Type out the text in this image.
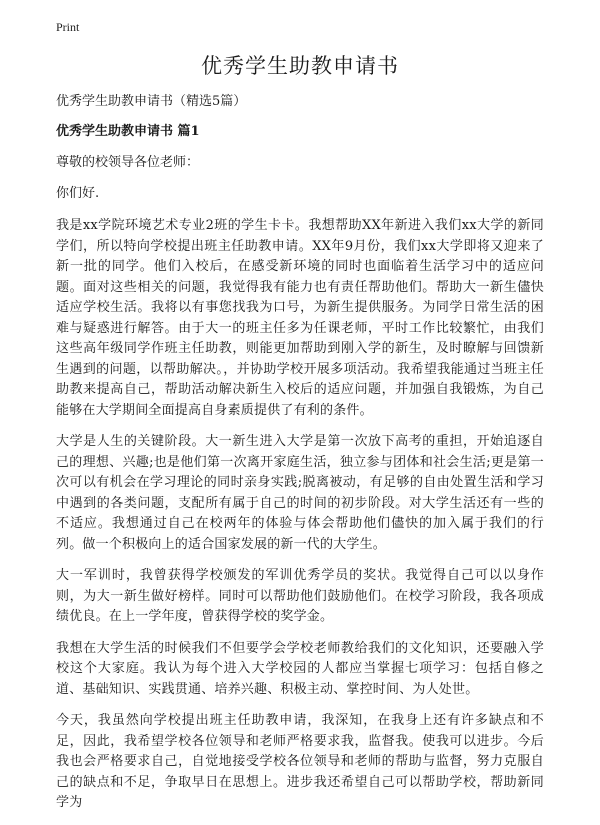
Print
优秀学生助教申请书

优秀学生助教申请书（精选5篇）

优秀学生助教申请书 篇1

尊敬的校领导各位老师：

你们好.

我是xx学院环境艺术专业2班的学生卡卡。我想帮助XX年新进入我们xx大学的新同学们，所以特向学校提出班主任助教申请。XX年9月份，我们xx大学即将又迎来了新一批的同学。他们入校后，在感受新环境的同时也面临着生活学习中的适应问题。面对这些相关的问题，我觉得我有能力也有责任帮助他们。帮助大一新生儘快适应学校生活。我将以有事您找我为口号，为新生提供服务。为同学日常生活的困难与疑惑进行解答。由于大一的班主任多为任课老师，平时工作比较繁忙，由我们这些高年级同学作班主任助教，则能更加帮助到刚入学的新生，及时瞭解与回馈新生遇到的问题，以帮助解决。，并协助学校开展多项活动。我希望我能通过当班主任助教来提高自己，帮助活动解决新生入校后的适应问题，并加强自我锻炼，为自己能够在大学期间全面提高自身素质提供了有利的条件。

大学是人生的关键阶段。大一新生进入大学是第一次放下高考的重担，开始追逐自己的理想、兴趣;也是他们第一次离开家庭生活，独立参与团体和社会生活;更是第一次可以有机会在学习理论的同时亲身实践;脱离被动，有足够的自由处置生活和学习中遇到的各类问题，支配所有属于自己的时间的初步阶段。对大学生活还有一些的不适应。我想通过自己在校两年的体验与体会帮助他们儘快的加入属于我们的行列。做一个积极向上的适合国家发展的新一代的大学生。

大一军训时，我曾获得学校颁发的军训优秀学员的奖状。我觉得自己可以以身作则，为大一新生做好榜样。同时可以帮助他们鼓励他们。在校学习阶段，我各项成绩优良。在上一学年度，曾获得学校的奖学金。

我想在大学生活的时候我们不但要学会学校老师教给我们的文化知识，还要融入学校这个大家庭。我认为每个进入大学校园的人都应当掌握七项学习：包括自修之道、基础知识、实践贯通、培养兴趣、积极主动、掌控时间、为人处世。

今天，我虽然向学校提出班主任助教申请，我深知，在我身上还有许多缺点和不足，因此，我希望学校各位领导和老师严格要求我，监督我。使我可以进步。今后我也会严格要求自己，自觉地接受学校各位领导和老师的帮助与监督，努力克服自己的缺点和不足，争取早日在思想上。进步我还希望自己可以帮助学校，帮助新同学为
